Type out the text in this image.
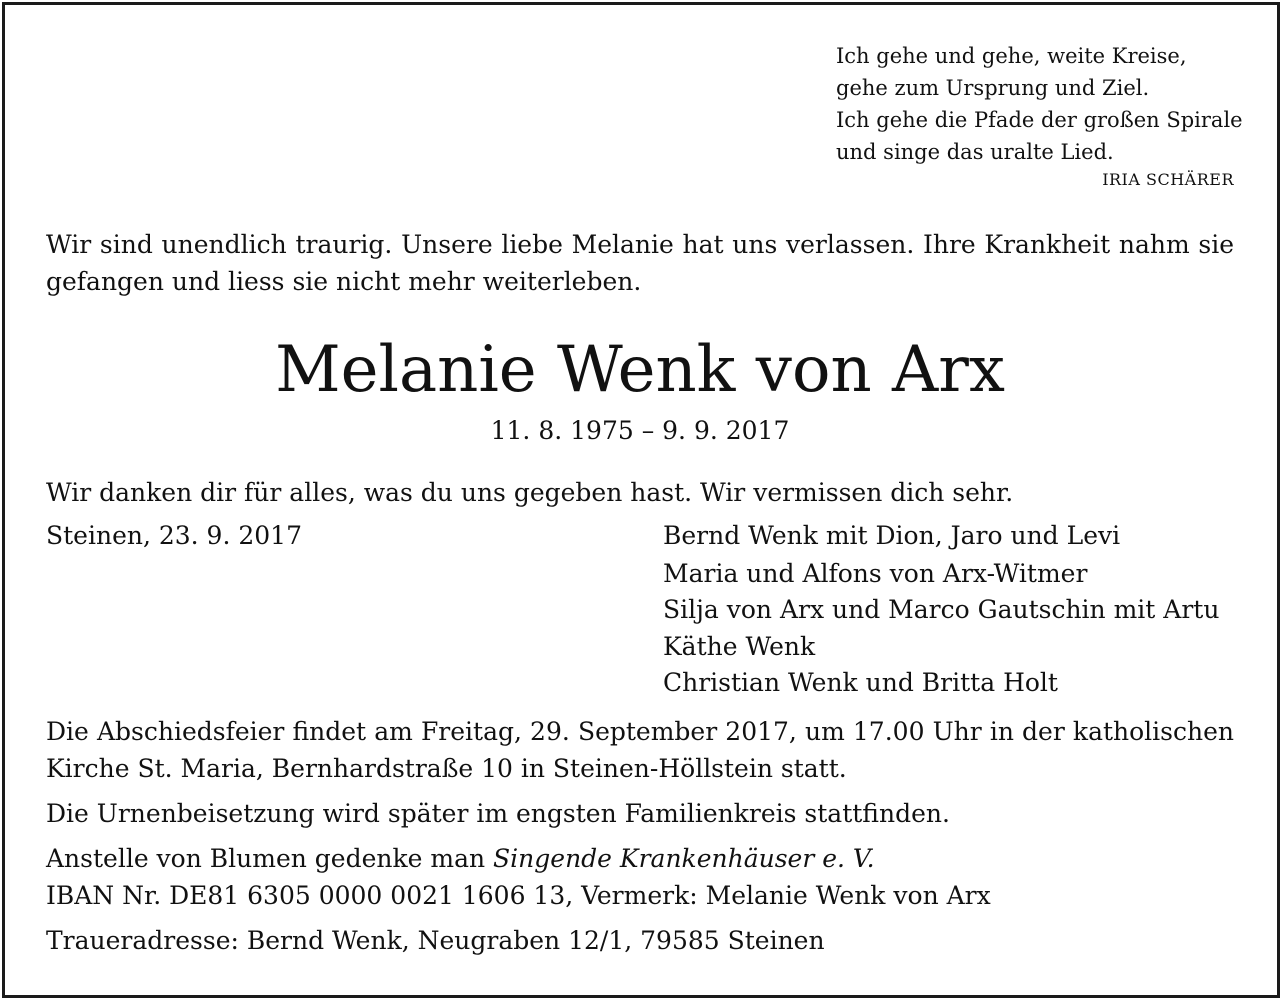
Ich gehe und gehe, weite Kreise,
gehe zum Ursprung und Ziel.
Ich gehe die Pfade der großen Spirale
und singe das uralte Lied.
IRIA SCHÄRER
Wir sind unendlich traurig. Unsere liebe Melanie hat uns verlassen. Ihre Krankheit nahm sie
gefangen und liess sie nicht mehr weiterleben.
Melanie Wenk von Arx
11. 8. 1975 – 9. 9. 2017
Wir danken dir für alles, was du uns gegeben hast. Wir vermissen dich sehr.
Steinen, 23. 9. 2017	Bernd Wenk mit Dion, Jaro und Levi
Maria und Alfons von Arx-Witmer
Silja von Arx und Marco Gautschin mit Artu
Käthe Wenk
Christian Wenk und Britta Holt
Die Abschiedsfeier findet am Freitag, 29. September 2017, um 17.00 Uhr in der katholischen
Kirche St. Maria, Bernhardstraße 10 in Steinen-Höllstein statt.
Die Urnenbeisetzung wird später im engsten Familienkreis stattfinden.
Anstelle von Blumen gedenke man Singende Krankenhäuser e. V.
IBAN Nr. DE81 6305 0000 0021 1606 13, Vermerk: Melanie Wenk von Arx
Traueradresse: Bernd Wenk, Neugraben 12/1, 79585 Steinen
